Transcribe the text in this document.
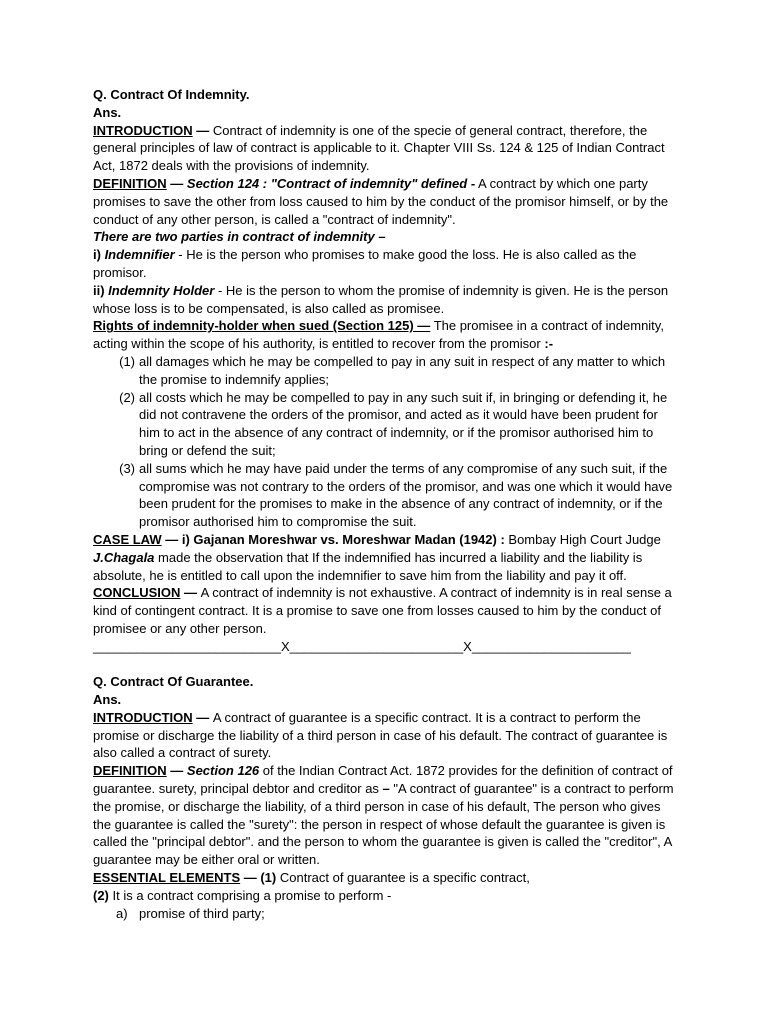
Q. Contract Of Indemnity.

Ans.

INTRODUCTION — Contract of indemnity is one of the specie of general contract, therefore, the general principles of law of contract is applicable to it. Chapter VIII Ss. 124 & 125 of Indian Contract Act, 1872 deals with the provisions of indemnity.

DEFINITION — Section 124 : "Contract of indemnity" defined - A contract by which one party promises to save the other from loss caused to him by the conduct of the promisor himself, or by the conduct of any other person, is called a "contract of indemnity".

There are two parties in contract of indemnity –

i) Indemnifier - He is the person who promises to make good the loss. He is also called as the promisor.

ii) Indemnity Holder - He is the person to whom the promise of indemnity is given. He is the person whose loss is to be compensated, is also called as promisee.

Rights of indemnity-holder when sued (Section 125) — The promisee in a contract of indemnity, acting within the scope of his authority, is entitled to recover from the promisor :-

(1) all damages which he may be compelled to pay in any suit in respect of any matter to which the promise to indemnify applies;
(2) all costs which he may be compelled to pay in any such suit if, in bringing or defending it, he did not contravene the orders of the promisor, and acted as it would have been prudent for him to act in the absence of any contract of indemnity, or if the promisor authorised him to bring or defend the suit;
(3) all sums which he may have paid under the terms of any compromise of any such suit, if the compromise was not contrary to the orders of the promisor, and was one which it would have been prudent for the promises to make in the absence of any contract of indemnity, or if the promisor authorised him to compromise the suit.

CASE LAW — i) Gajanan Moreshwar vs. Moreshwar Madan (1942) : Bombay High Court Judge J.Chagala made the observation that If the indemnified has incurred a liability and the liability is absolute, he is entitled to call upon the indemnifier to save him from the liability and pay it off.

CONCLUSION — A contract of indemnity is not exhaustive. A contract of indemnity is in real sense a kind of contingent contract. It is a promise to save one from losses caused to him by the conduct of promisee or any other person.

__________________________X________________________X______________________

Q. Contract Of Guarantee.

Ans.

INTRODUCTION — A contract of guarantee is a specific contract. It is a contract to perform the promise or discharge the liability of a third person in case of his default. The contract of guarantee is also called a contract of surety.

DEFINITION — Section 126 of the Indian Contract Act. 1872 provides for the definition of contract of guarantee. surety, principal debtor and creditor as – "A contract of guarantee" is a contract to perform the promise, or discharge the liability, of a third person in case of his default, The person who gives the guarantee is called the "surety": the person in respect of whose default the guarantee is given is called the "principal debtor". and the person to whom the guarantee is given is called the "creditor", A guarantee may be either oral or written.

ESSENTIAL ELEMENTS — (1) Contract of guarantee is a specific contract,

(2) It is a contract comprising a promise to perform -

a) promise of third party;
